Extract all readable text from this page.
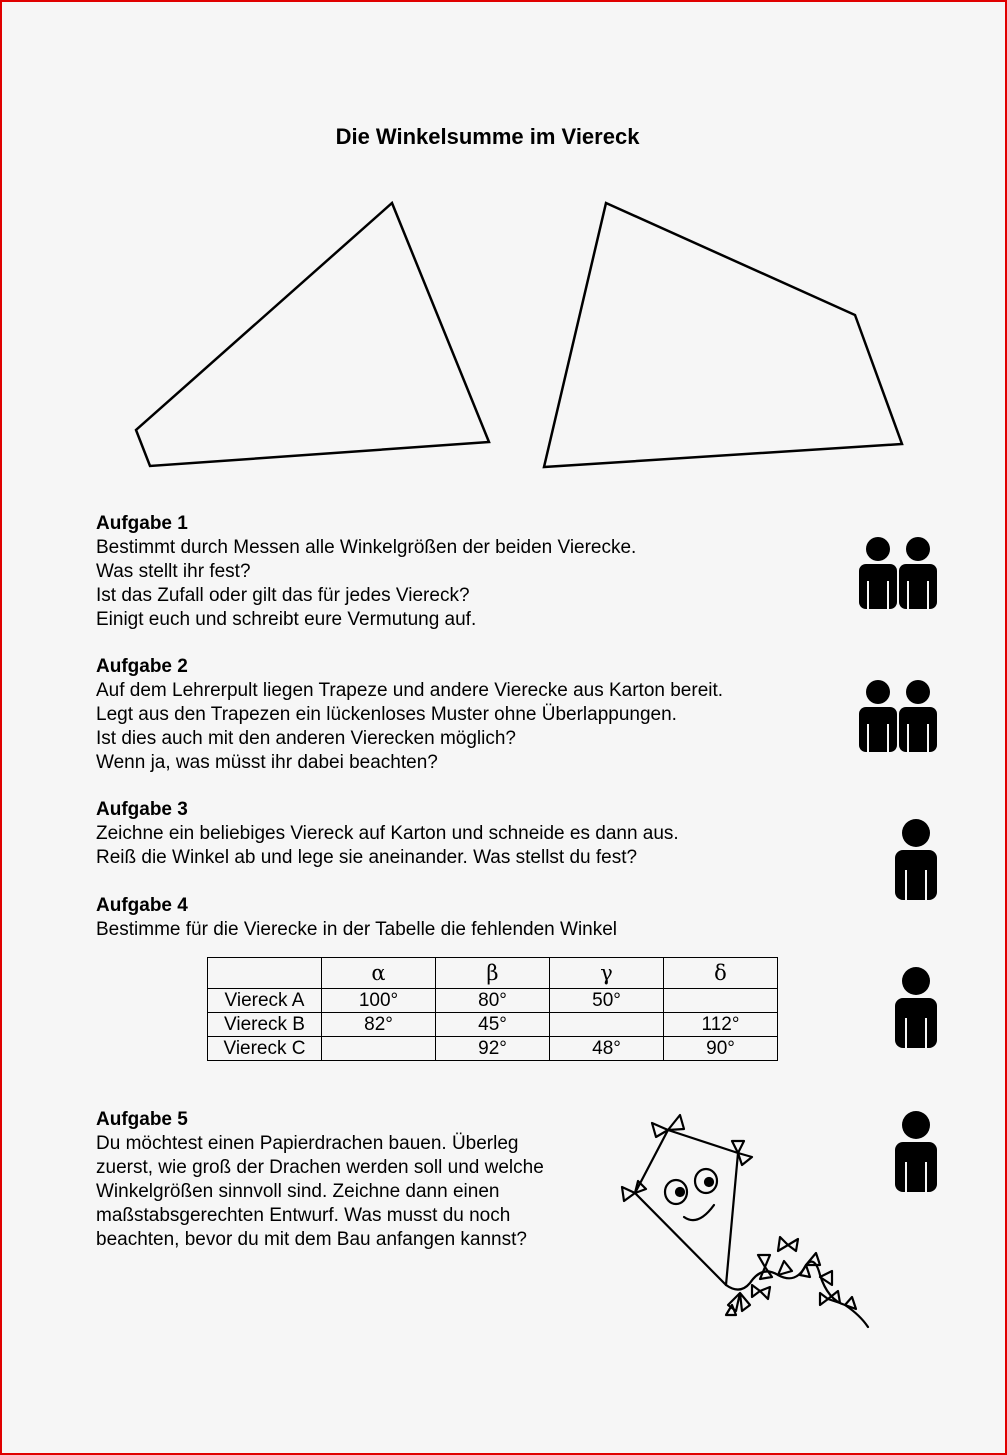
Die Winkelsumme im Viereck
Aufgabe 1

Bestimmt durch Messen alle Winkelgrößen der beiden Vierecke.

Was stellt ihr fest?

Ist das Zufall oder gilt das für jedes Viereck?

Einigt euch und schreibt eure Vermutung auf.

Aufgabe 2

Auf dem Lehrerpult liegen Trapeze und andere Vierecke aus Karton bereit.

Legt aus den Trapezen ein lückenloses Muster ohne Überlappungen.

Ist dies auch mit den anderen Vierecken möglich?

Wenn ja, was müsst ihr dabei beachten?

Aufgabe 3

Zeichne ein beliebiges Viereck auf Karton und schneide es dann aus.

Reiß die Winkel ab und lege sie aneinander. Was stellst du fest?

Aufgabe 4

Bestimme für die Vierecke in der Tabelle die fehlenden Winkel

	α	β	γ	δ
Viereck A	100°	80°	50°	
Viereck B	82°	45°		112°
Viereck C		92°	48°	90°
Aufgabe 5

Du möchtest einen Papierdrachen bauen. Überleg

zuerst, wie groß der Drachen werden soll und welche

Winkelgrößen sinnvoll sind. Zeichne dann einen

maßstabsgerechten Entwurf. Was musst du noch

beachten, bevor du mit dem Bau anfangen kannst?
